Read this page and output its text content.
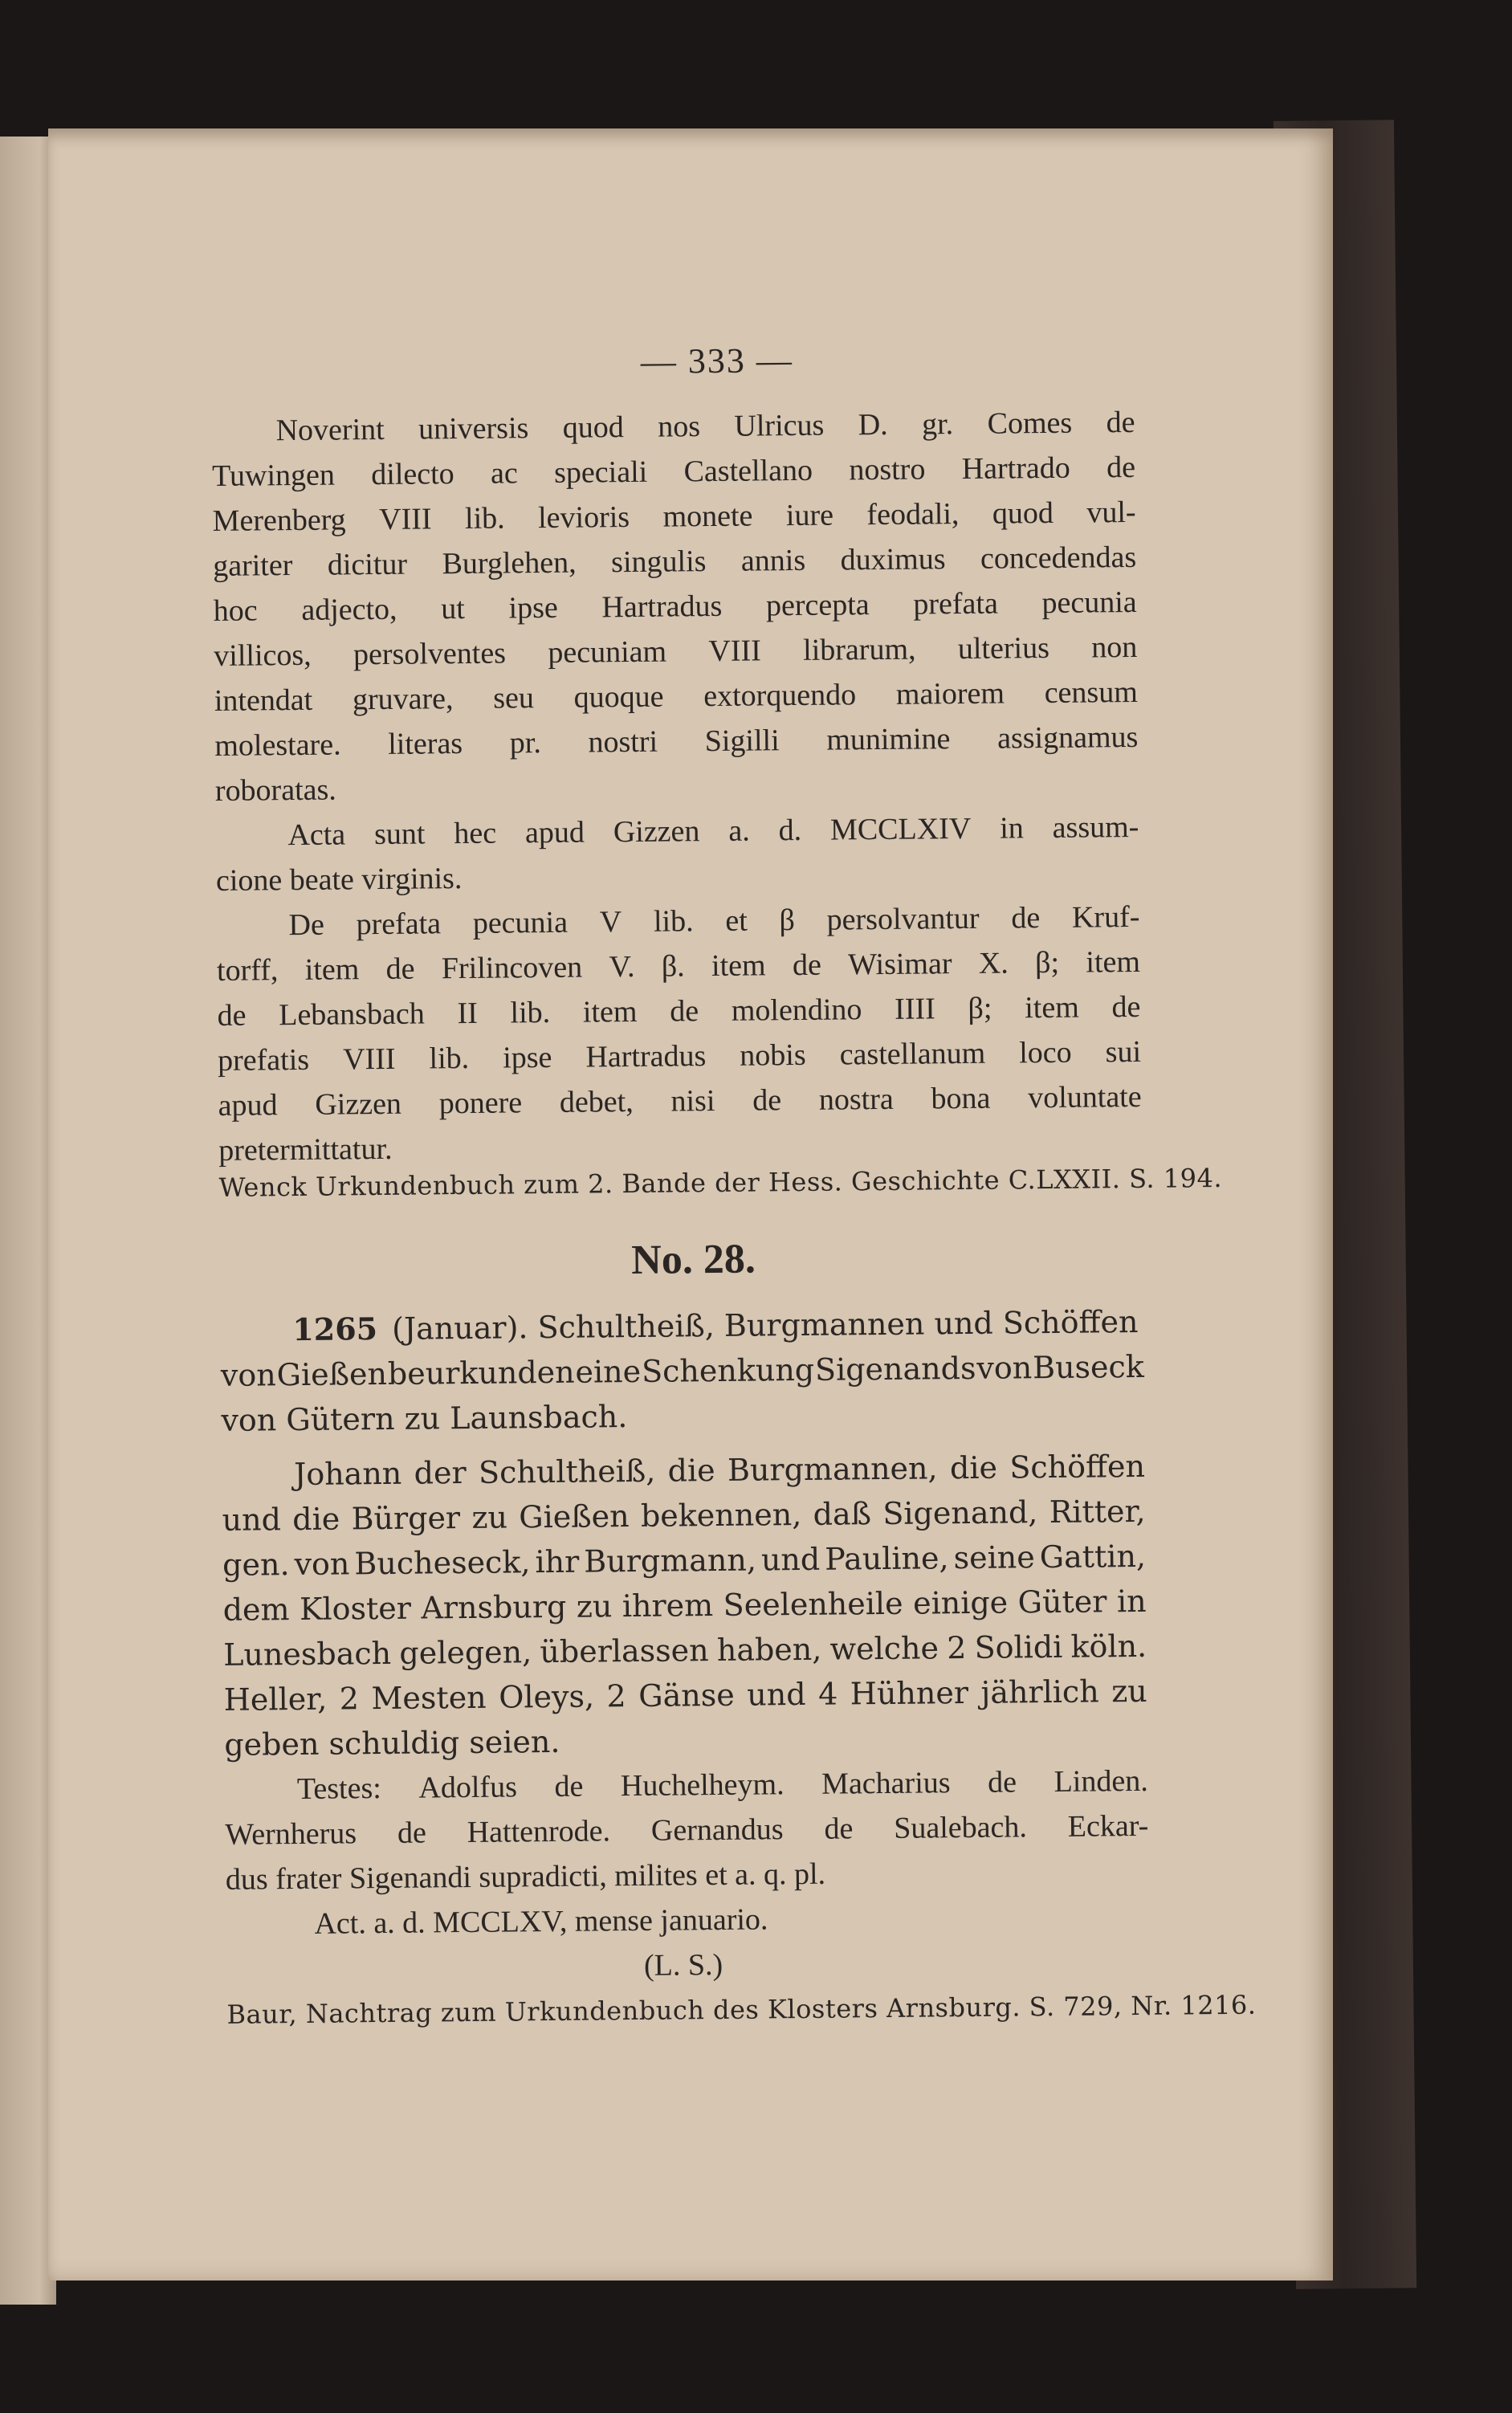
— 333 —
Noverint universis quod nos Ulricus D. gr. Comes de
Tuwingen dilecto ac speciali Castellano nostro Hartrado de
Merenberg VIII lib. levioris monete iure feodali, quod vul-
gariter dicitur Burglehen, singulis annis duximus concedendas
hoc adjecto, ut ipse Hartradus percepta prefata pecunia
villicos, persolventes pecuniam VIII librarum, ulterius non
intendat gruvare, seu quoque extorquendo maiorem censum
molestare. literas pr. nostri Sigilli munimine assignamus
roboratas.
Acta sunt hec apud Gizzen a. d. MCCLXIV in assum-
cione beate virginis.
De prefata pecunia V lib. et β persolvantur de Kruf-
torff, item de Frilincoven V. β. item de Wisimar X. β; item
de Lebansbach II lib. item de molendino IIII β; item de
prefatis VIII lib. ipse Hartradus nobis castellanum loco sui
apud Gizzen ponere debet, nisi de nostra bona voluntate
pretermittatur.
Wenck Urkundenbuch zum 2. Bande der Hess. Geschichte C.LXXII. S. 194.
No. 28.
1265 (Januar). Schultheiß, Burgmannen und Schöffen
von Gießen beurkunden eine Schenkung Sigenands von Buseck
von Gütern zu Launsbach.
Johann der Schultheiß, die Burgmannen, die Schöffen
und die Bürger zu Gießen bekennen, daß Sigenand, Ritter,
gen. von Bucheseck, ihr Burgmann, und Pauline, seine Gattin,
dem Kloster Arnsburg zu ihrem Seelenheile einige Güter in
Lunesbach gelegen, überlassen haben, welche 2 Solidi köln.
Heller, 2 Mesten Oleys, 2 Gänse und 4 Hühner jährlich zu
geben schuldig seien.
Testes: Adolfus de Huchelheym. Macharius de Linden.
Wernherus de Hattenrode. Gernandus de Sualebach. Eckar-
dus frater Sigenandi supradicti, milites et a. q. pl.
Act. a. d. MCCLXV, mense januario.
(L. S.)
Baur, Nachtrag zum Urkundenbuch des Klosters Arnsburg. S. 729, Nr. 1216.
